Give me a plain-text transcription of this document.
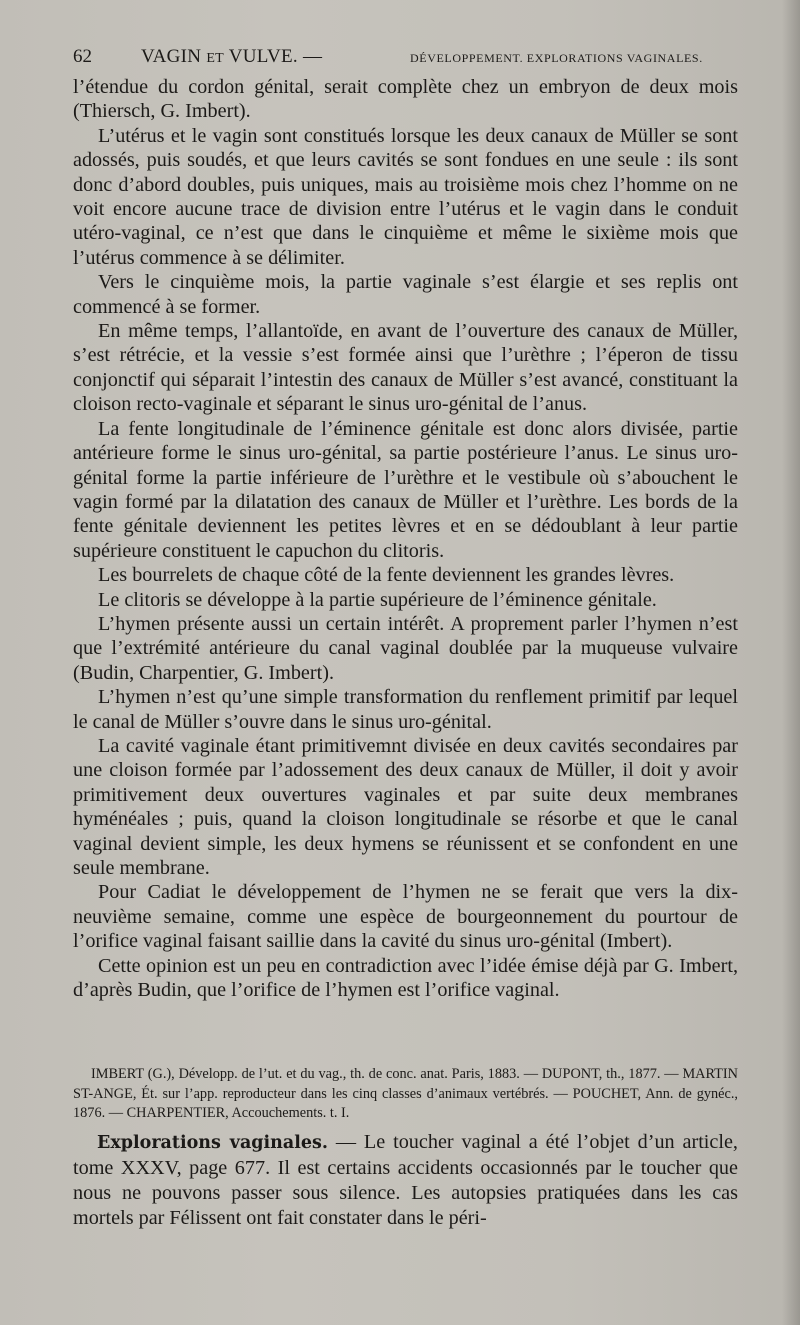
62	VAGIN ET VULVE. —	DÉVELOPPEMENT. EXPLORATIONS VAGINALES.

l’étendue du cordon génital, serait complète chez un embryon de deux mois (Thiersch, G. Imbert).

L’utérus et le vagin sont constitués lorsque les deux canaux de Müller se sont adossés, puis soudés, et que leurs cavités se sont fondues en une seule : ils sont donc d’abord doubles, puis uniques, mais au troisième mois chez l’homme on ne voit encore aucune trace de division entre l’utérus et le vagin dans le conduit utéro-vaginal, ce n’est que dans le cinquième et même le sixième mois que l’utérus commence à se délimiter.

Vers le cinquième mois, la partie vaginale s’est élargie et ses replis ont commencé à se former.

En même temps, l’allantoïde, en avant de l’ouverture des canaux de Müller, s’est rétrécie, et la vessie s’est formée ainsi que l’urèthre ; l’éperon de tissu conjonctif qui séparait l’intestin des canaux de Müller s’est avancé, constituant la cloison recto-vaginale et séparant le sinus uro-génital de l’anus.

La fente longitudinale de l’éminence génitale est donc alors divisée, partie antérieure forme le sinus uro-génital, sa partie postérieure l’anus. Le sinus uro-génital forme la partie inférieure de l’urèthre et le vestibule où s’abouchent le vagin formé par la dilatation des canaux de Müller et l’urèthre. Les bords de la fente génitale deviennent les petites lèvres et en se dédoublant à leur partie supérieure constituent le capuchon du clitoris.

Les bourrelets de chaque côté de la fente deviennent les grandes lèvres.

Le clitoris se développe à la partie supérieure de l’éminence génitale.

L’hymen présente aussi un certain intérêt. A proprement parler l’hymen n’est que l’extrémité antérieure du canal vaginal doublée par la muqueuse vulvaire (Budin, Charpentier, G. Imbert).

L’hymen n’est qu’une simple transformation du renflement primitif par lequel le canal de Müller s’ouvre dans le sinus uro-génital.

La cavité vaginale étant primitivemnt divisée en deux cavités secondaires par une cloison formée par l’adossement des deux canaux de Müller, il doit y avoir primitivement deux ouvertures vaginales et par suite deux membranes hyménéales ; puis, quand la cloison longitudinale se résorbe et que le canal vaginal devient simple, les deux hymens se réunissent et se confondent en une seule membrane.

Pour Cadiat le développement de l’hymen ne se ferait que vers la dix-neuvième semaine, comme une espèce de bourgeonnement du pourtour de l’orifice vaginal faisant saillie dans la cavité du sinus uro-génital (Imbert).

Cette opinion est un peu en contradiction avec l’idée émise déjà par G. Imbert, d’après Budin, que l’orifice de l’hymen est l’orifice vaginal.

IMBERT (G.), Développ. de l’ut. et du vag., th. de conc. anat. Paris, 1883. — DUPONT, th., 1877. — MARTIN ST-ANGE, Ét. sur l’app. reproducteur dans les cinq classes d’animaux vertébrés. — POUCHET, Ann. de gynéc., 1876. — CHARPENTIER, Accouchements. t. I.
Explorations vaginales. — Le toucher vaginal a été l’objet d’un article, tome XXXV, page 677. Il est certains accidents occasionnés par le toucher que nous ne pouvons passer sous silence. Les autopsies pratiquées dans les cas mortels par Félissent ont fait constater dans le péri-
